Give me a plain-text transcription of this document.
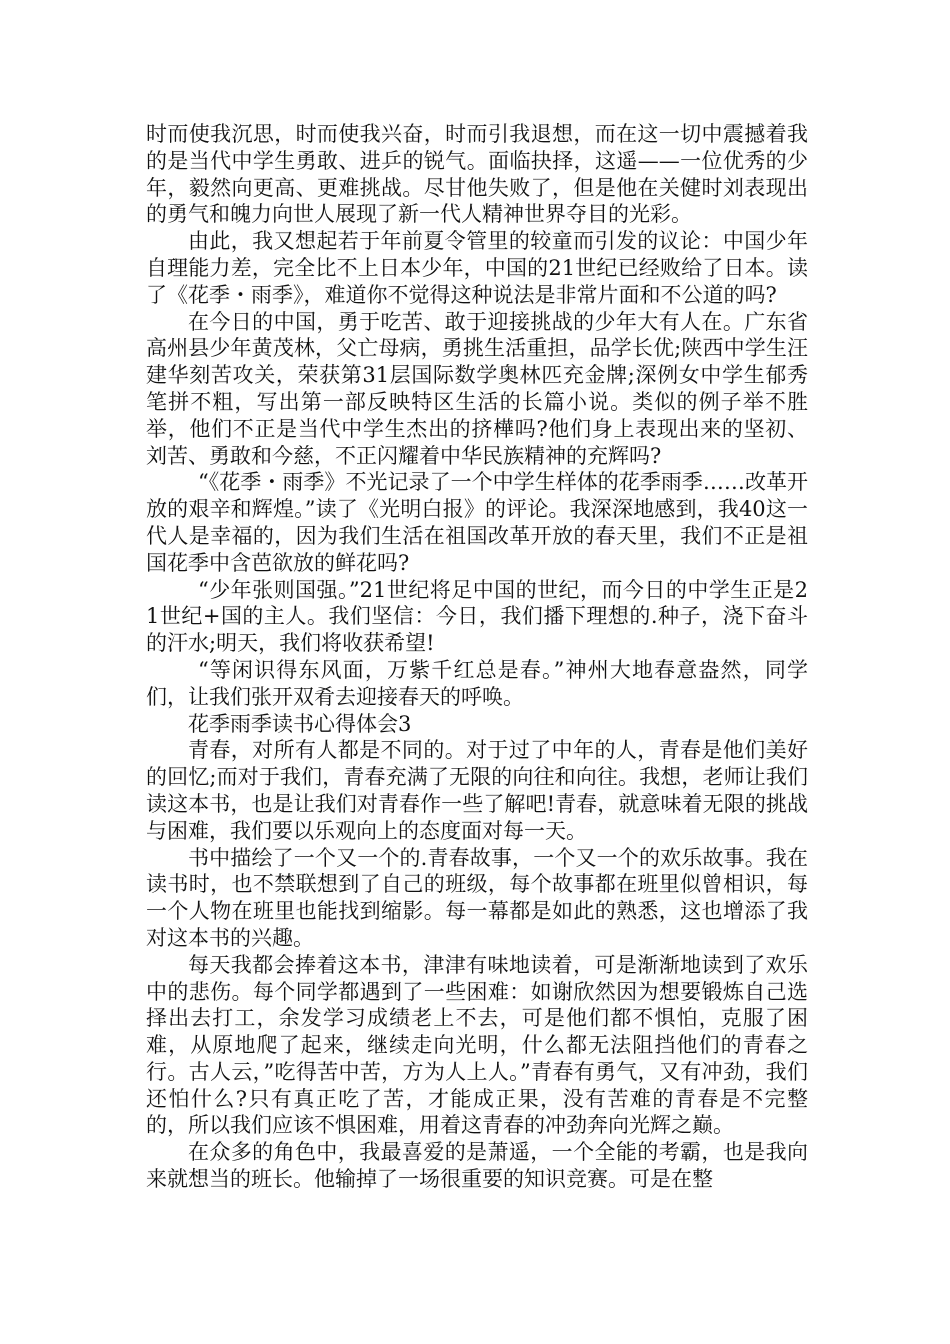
时而使我沉思，时而使我兴奋，时而引我退想，而在这一切中震撼着我的是当代中学生勇敢、进乒的锐气。面临抉择，这遥——一位优秀的少年，毅然向更高、更难挑战。尽甘他失败了，但是他在关健时刘表现出的勇气和魄力向世人展现了新一代人精神世界夺目的光彩。

由此，我又想起若于年前夏令管里的较童而引发的议论：中国少年自理能力差，完全比不上日本少年，中国的21世纪已经败给了日本。读了《花季・雨季》，难道你不觉得这种说法是非常片面和不公道的吗?

在今日的中国，勇于吃苦、敢于迎接挑战的少年大有人在。广东省高州县少年黄茂林，父亡母病，勇挑生活重担，品学长优;陕西中学生汪建华刻苦攻关，荣获第31层国际数学奥林匹充金牌;深例女中学生郁秀笔拼不粗，写出第一部反映特区生活的长篇小说。类似的例子举不胜举，他们不正是当代中学生杰出的挤樺吗?他们身上表现出来的坚初、刘苦、勇敢和今慈，不正闪耀着中华民族精神的充辉吗?

“《花季・雨季》不光记录了一个中学生样体的花季雨季……改革开放的艰辛和辉煌。”读了《光明白报》的评论。我深深地感到，我40这一代人是幸福的，因为我们生活在祖国改革开放的春天里，我们不正是祖国花季中含芭欲放的鲜花吗?

“少年张则国强。”21世纪将足中国的世纪，而今日的中学生正是21世纪+国的主人。我们坚信：今日，我们播下理想的.种子，浇下奋斗的汗水;明天，我们将收获希望!

“等闲识得东风面，万紫千红总是春。”神州大地春意盎然，同学们，让我们张开双肴去迎接春天的呼唤。

花季雨季读书心得体会3

青春，对所有人都是不同的。对于过了中年的人，青春是他们美好的回忆;而对于我们，青春充满了无限的向往和向往。我想，老师让我们读这本书，也是让我们对青春作一些了解吧!青春，就意味着无限的挑战与困难，我们要以乐观向上的态度面对每一天。

书中描绘了一个又一个的.青春故事，一个又一个的欢乐故事。我在读书时，也不禁联想到了自己的班级，每个故事都在班里似曾相识，每一个人物在班里也能找到缩影。每一幕都是如此的熟悉，这也增添了我对这本书的兴趣。

每天我都会捧着这本书，津津有味地读着，可是渐渐地读到了欢乐中的悲伤。每个同学都遇到了一些困难：如谢欣然因为想要锻炼自己选择出去打工，余发学习成绩老上不去，可是他们都不惧怕，克服了困难，从原地爬了起来，继续走向光明，什么都无法阻挡他们的青春之行。古人云，”吃得苦中苦，方为人上人。”青春有勇气，又有冲劲，我们还怕什么?只有真正吃了苦，才能成正果，没有苦难的青春是不完整的，所以我们应该不惧困难，用着这青春的冲劲奔向光辉之巅。

在众多的角色中，我最喜爱的是萧遥，一个全能的考霸，也是我向来就想当的班长。他输掉了一场很重要的知识竞赛。可是在整
